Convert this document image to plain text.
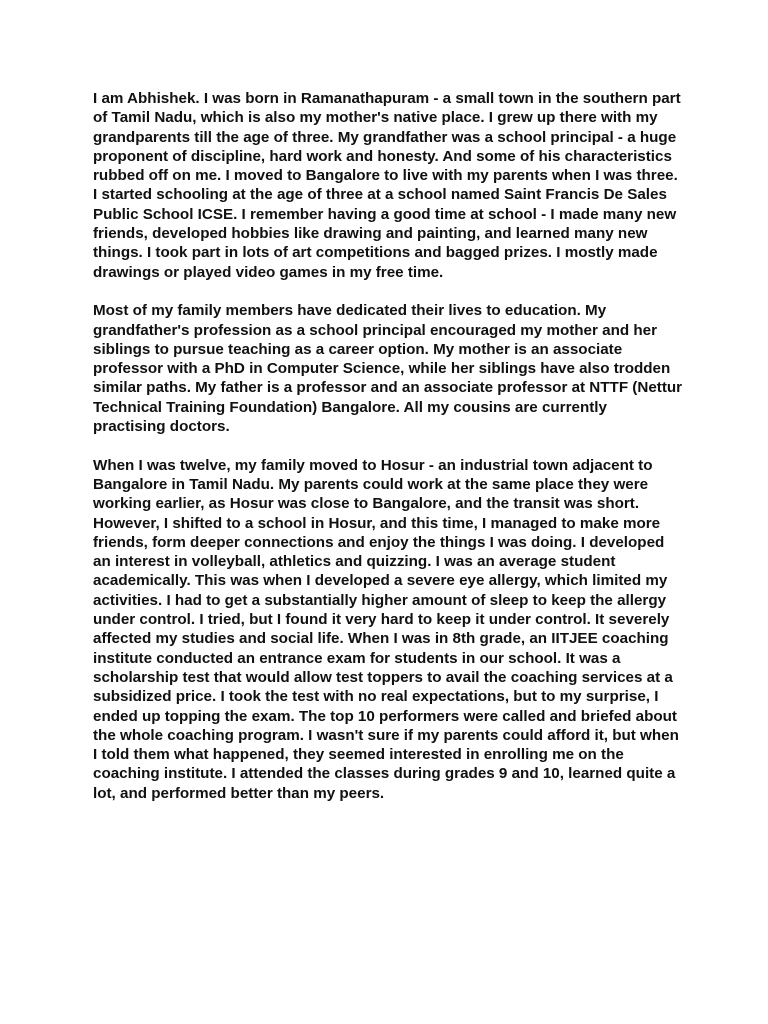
I am Abhishek. I was born in Ramanathapuram - a small town in the southern part of Tamil Nadu, which is also my mother's native place. I grew up there with my grandparents till the age of three. My grandfather was a school principal - a huge proponent of discipline, hard work and honesty. And some of his characteristics rubbed off on me. I moved to Bangalore to live with my parents when I was three. I started schooling at the age of three at a school named Saint Francis De Sales Public School ICSE. I remember having a good time at school - I made many new friends, developed hobbies like drawing and painting, and learned many new things. I took part in lots of art competitions and bagged prizes. I mostly made drawings or played video games in my free time.

Most of my family members have dedicated their lives to education. My grandfather's profession as a school principal encouraged my mother and her siblings to pursue teaching as a career option. My mother is an associate professor with a PhD in Computer Science, while her siblings have also trodden similar paths. My father is a professor and an associate professor at NTTF (Nettur Technical Training Foundation) Bangalore. All my cousins are currently practising doctors.

When I was twelve, my family moved to Hosur - an industrial town adjacent to Bangalore in Tamil Nadu. My parents could work at the same place they were working earlier, as Hosur was close to Bangalore, and the transit was short. However, I shifted to a school in Hosur, and this time, I managed to make more friends, form deeper connections and enjoy the things I was doing. I developed an interest in volleyball, athletics and quizzing. I was an average student academically. This was when I developed a severe eye allergy, which limited my activities. I had to get a substantially higher amount of sleep to keep the allergy under control. I tried, but I found it very hard to keep it under control. It severely affected my studies and social life. When I was in 8th grade, an IITJEE coaching institute conducted an entrance exam for students in our school. It was a scholarship test that would allow test toppers to avail the coaching services at a subsidized price. I took the test with no real expectations, but to my surprise, I ended up topping the exam. The top 10 performers were called and briefed about the whole coaching program. I wasn't sure if my parents could afford it, but when I told them what happened, they seemed interested in enrolling me on the coaching institute. I attended the classes during grades 9 and 10, learned quite a lot, and performed better than my peers.
